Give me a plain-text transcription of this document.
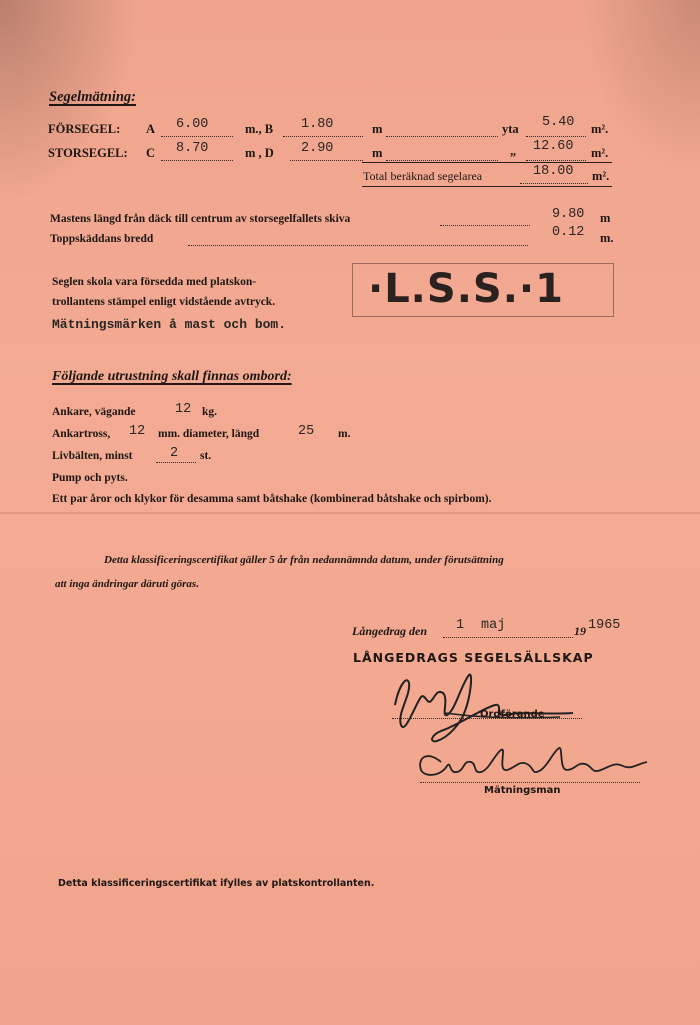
Segelmätning:
FÖRSEGEL: A 6.00	m., B 1.80	m	yta 5.40 m².
STORSEGEL: C 8.70	m , D 2.90	m	„ 12.60 m².
Total beräknad segelarea	18.00 m².
Mastens längd från däck till centrum av storsegelfallets skiva	9.80 m
Toppskäddans bredd	0.12 m.
Seglen skola vara försedda med platskon-
trollantens stämpel enligt vidstående avtryck.
Mätningsmärken å mast och bom.
·L.S.S.·1
Följande utrustning skall finnas ombord:
Ankare, vägande	12 kg.
Ankartross, 12 mm. diameter, längd	25 m.
Livbälten, minst	2 st.
Pump och pyts.
Ett par åror och klykor för desamma samt båtshake (kombinerad båtshake och spirbom).
Detta klassificeringscertifikat gäller 5 år från nedannämnda datum, under förutsättning
att inga ändringar däruti göras.
Långedrag den 1 maj	19 1965
LÅNGEDRAGS SEGELSÄLLSKAP
Ordförande
Mätningsman
Detta klassificeringscertifikat ifylles av platskontrollanten.
